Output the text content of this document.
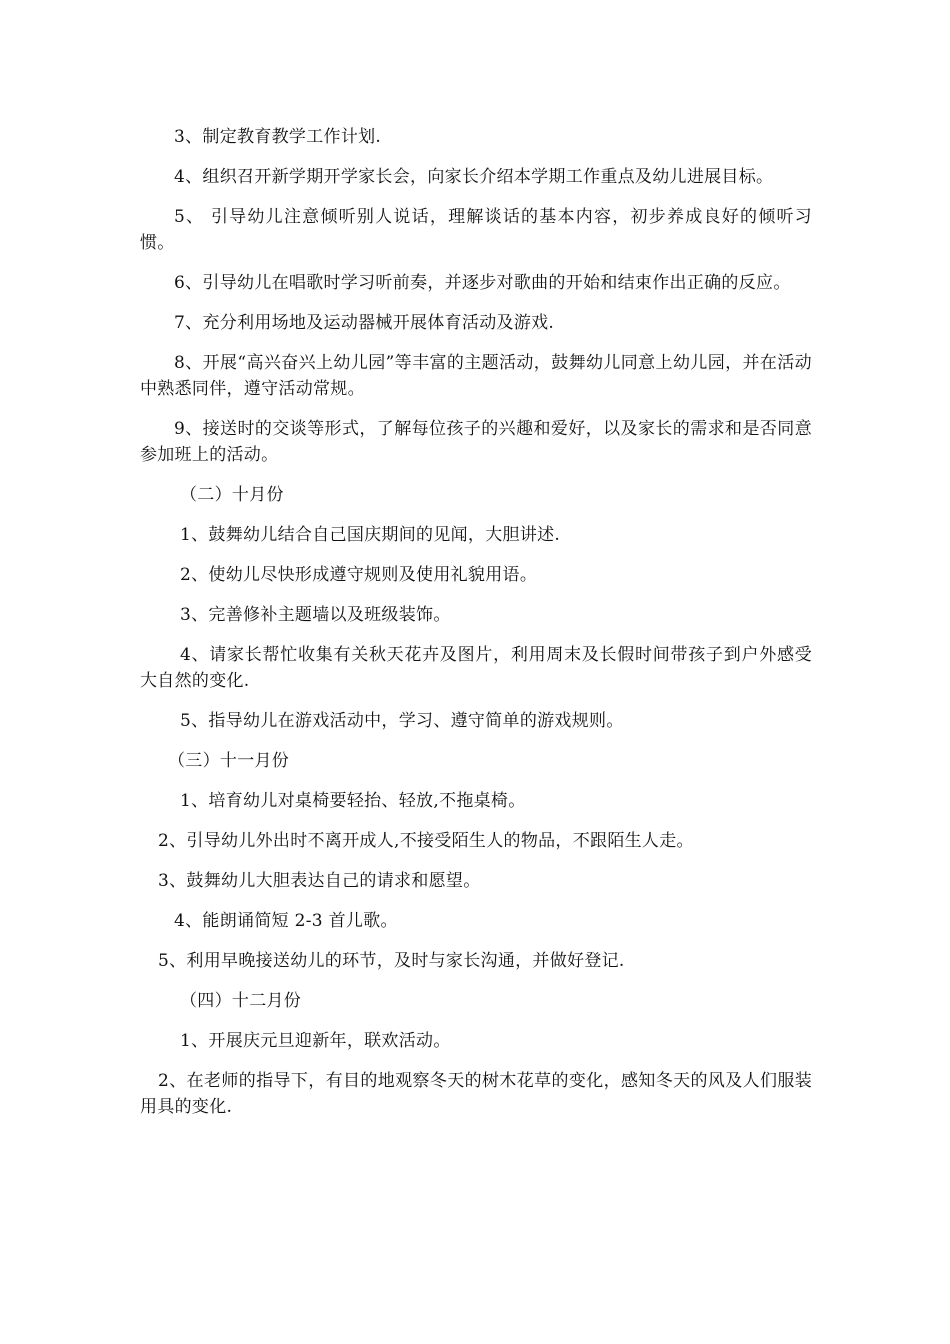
3、制定教育教学工作计划.

4、组织召开新学期开学家长会，向家长介绍本学期工作重点及幼儿进展目标。

5、 引导幼儿注意倾听别人说话，理解谈话的基本内容，初步养成良好的倾听习惯。

6、引导幼儿在唱歌时学习听前奏，并逐步对歌曲的开始和结束作出正确的反应。

7、充分利用场地及运动器械开展体育活动及游戏.

8、开展“高兴奋兴上幼儿园”等丰富的主题活动，鼓舞幼儿同意上幼儿园，并在活动中熟悉同伴，遵守活动常规。

9、接送时的交谈等形式，了解每位孩子的兴趣和爱好，以及家长的需求和是否同意参加班上的活动。

（二）十月份

1、鼓舞幼儿结合自己国庆期间的见闻，大胆讲述.

2、使幼儿尽快形成遵守规则及使用礼貌用语。

3、完善修补主题墙以及班级装饰。

4、请家长帮忙收集有关秋天花卉及图片，利用周末及长假时间带孩子到户外感受大自然的变化.

5、指导幼儿在游戏活动中，学习、遵守简单的游戏规则。

（三）十一月份

1、培育幼儿对桌椅要轻抬、轻放,不拖桌椅。

2、引导幼儿外出时不离开成人,不接受陌生人的物品，不跟陌生人走。

3、鼓舞幼儿大胆表达自己的请求和愿望。

4、能朗诵简短 2-3 首儿歌。

5、利用早晚接送幼儿的环节，及时与家长沟通，并做好登记.

（四）十二月份

1、开展庆元旦迎新年，联欢活动。

2、在老师的指导下，有目的地观察冬天的树木花草的变化，感知冬天的风及人们服装用具的变化.
